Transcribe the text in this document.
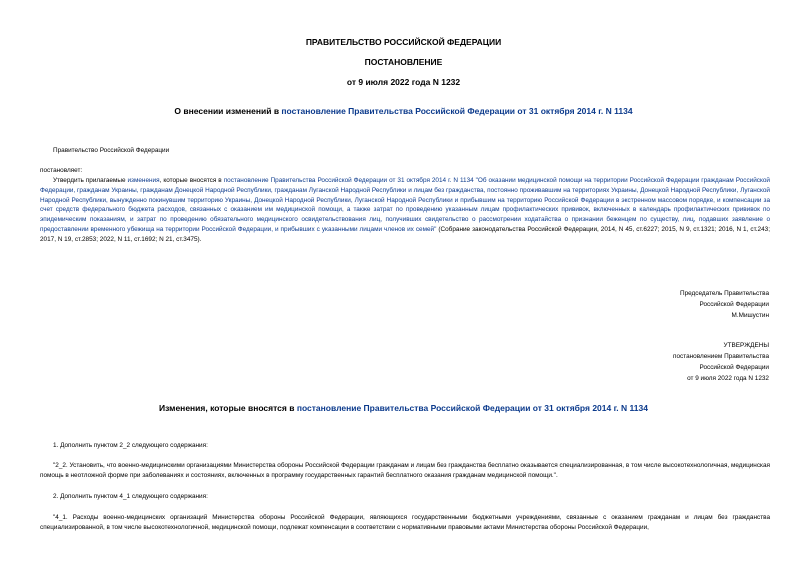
ПРАВИТЕЛЬСТВО РОССИЙСКОЙ ФЕДЕРАЦИИ
ПОСТАНОВЛЕНИЕ
от 9 июля 2022 года N 1232
О внесении изменений в постановление Правительства Российской Федерации от 31 октября 2014 г. N 1134
Правительство Российской Федерации
постановляет:
Утвердить прилагаемые изменения, которые вносятся в постановление Правительства Российской Федерации от 31 октября 2014 г. N 1134 "Об оказании медицинской помощи на территории Российской Федерации гражданам Российской Федерации, гражданам Украины, гражданам Донецкой Народной Республики, гражданам Луганской Народной Республики и лицам без гражданства, постоянно проживавшим на территориях Украины, Донецкой Народной Республики, Луганской Народной Республики, вынужденно покинувшим территорию Украины, Донецкой Народной Республики, Луганской Народной Республики и прибывшим на территорию Российской Федерации в экстренном массовом порядке, и компенсации за счет средств федерального бюджета расходов, связанных с оказанием им медицинской помощи, а также затрат по проведению указанным лицам профилактических прививок, включенных в календарь профилактических прививок по эпидемическим показаниям, и затрат по проведению обязательного медицинского освидетельствования лиц, получивших свидетельство о рассмотрении ходатайства о признании беженцем по существу, лиц, подавших заявление о предоставлении временного убежища на территории Российской Федерации, и прибывших с указанными лицами членов их семей" (Собрание законодательства Российской Федерации, 2014, N 45, ст.6227; 2015, N 9, ст.1321; 2016, N 1, ст.243; 2017, N 19, ст.2853; 2022, N 11, ст.1692; N 21, ст.3475).
Председатель Правительства
Российской Федерации
М.Мишустин
УТВЕРЖДЕНЫ
постановлением Правительства
Российской Федерации
от 9 июля 2022 года N 1232
Изменения, которые вносятся в постановление Правительства Российской Федерации от 31 октября 2014 г. N 1134
1. Дополнить пунктом 2_2 следующего содержания:
"2_2. Установить, что военно-медицинскими организациями Министерства обороны Российской Федерации гражданам и лицам без гражданства бесплатно оказывается специализированная, в том числе высокотехнологичная, медицинская помощь в неотложной форме при заболеваниях и состояниях, включенных в программу государственных гарантий бесплатного оказания гражданам медицинской помощи.".
2. Дополнить пунктом 4_1 следующего содержания:
"4_1. Расходы военно-медицинских организаций Министерства обороны Российской Федерации, являющихся государственными бюджетными учреждениями, связанные с оказанием гражданам и лицам без гражданства специализированной, в том числе высокотехнологичной, медицинской помощи, подлежат компенсации в соответствии с нормативными правовыми актами Министерства обороны Российской Федерации,
